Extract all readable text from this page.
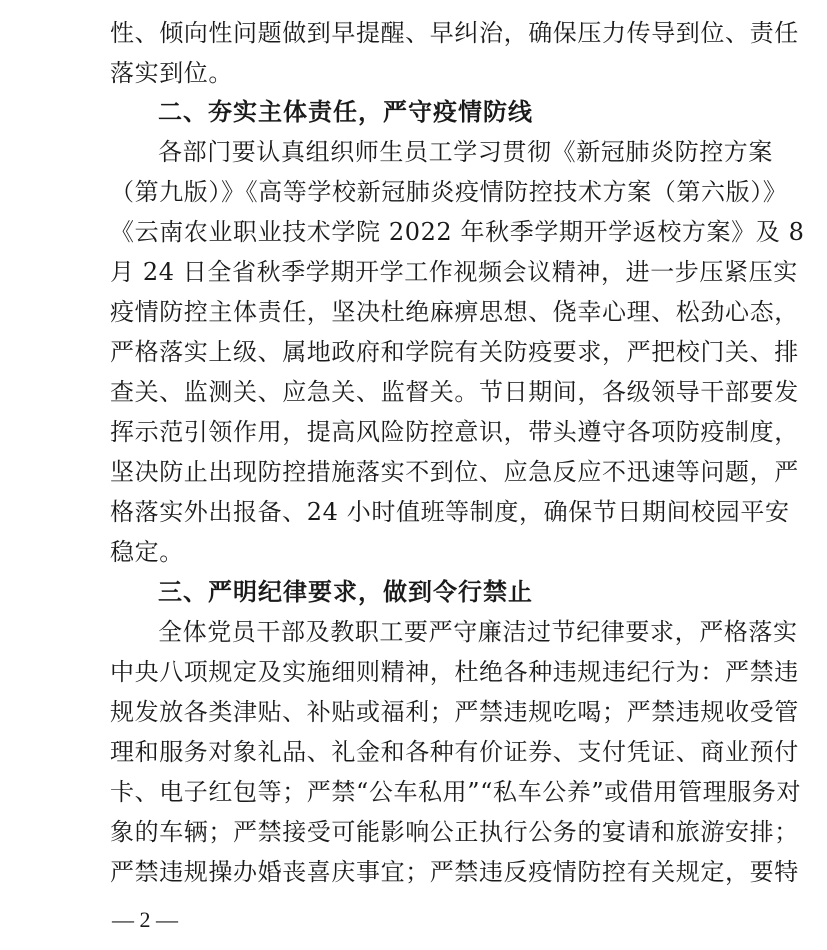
性、倾向性问题做到早提醒、早纠治，确保压力传导到位、责任
落实到位。
二、夯实主体责任，严守疫情防线
各部门要认真组织师生员工学习贯彻《新冠肺炎防控方案
（第九版）》《高等学校新冠肺炎疫情防控技术方案（第六版）》
《云南农业职业技术学院 2022 年秋季学期开学返校方案》及 8
月 24 日全省秋季学期开学工作视频会议精神，进一步压紧压实
疫情防控主体责任，坚决杜绝麻痹思想、侥幸心理、松劲心态，
严格落实上级、属地政府和学院有关防疫要求，严把校门关、排
查关、监测关、应急关、监督关。节日期间，各级领导干部要发
挥示范引领作用，提高风险防控意识，带头遵守各项防疫制度，
坚决防止出现防控措施落实不到位、应急反应不迅速等问题，严
格落实外出报备、24 小时值班等制度，确保节日期间校园平安
稳定。
三、严明纪律要求，做到令行禁止
全体党员干部及教职工要严守廉洁过节纪律要求，严格落实
中央八项规定及实施细则精神，杜绝各种违规违纪行为：严禁违
规发放各类津贴、补贴或福利；严禁违规吃喝；严禁违规收受管
理和服务对象礼品、礼金和各种有价证券、支付凭证、商业预付
卡、电子红包等；严禁“公车私用”“私车公养”或借用管理服务对
象的车辆；严禁接受可能影响公正执行公务的宴请和旅游安排；
严禁违规操办婚丧喜庆事宜；严禁违反疫情防控有关规定，要特
— 2 —
